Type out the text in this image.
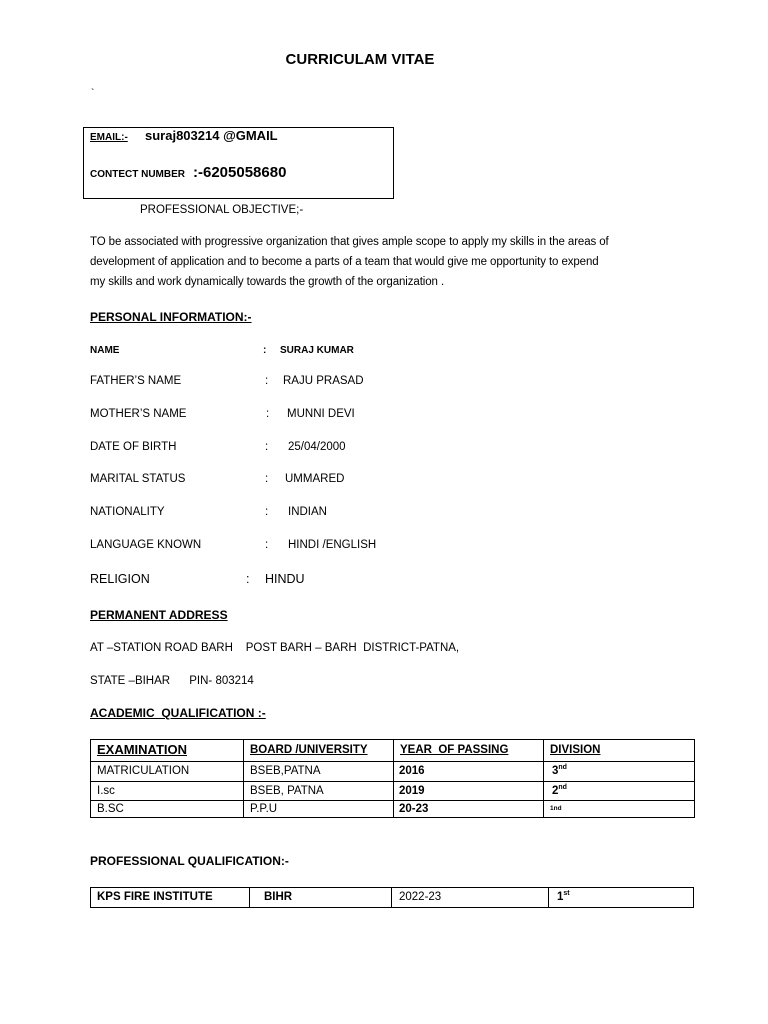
CURRICULAM VITAE
`
EMAIL:- suraj803214 @GMAIL
CONTECT NUMBER :-6205058680
PROFESSIONAL OBJECTIVE;-
TO be associated with progressive organization that gives ample scope to apply my skills in the areas of
development of application and to become a parts of a team that would give me opportunity to expend
my skills and work dynamically towards the growth of the organization .
PERSONAL INFORMATION:-
NAME	: SURAJ KUMAR
FATHER’S NAME	: RAJU PRASAD
MOTHER’S NAME	: MUNNI DEVI
DATE OF BIRTH	: 25/04/2000
MARITAL STATUS	: UMMARED
NATIONALITY	: INDIAN
LANGUAGE KNOWN	: HINDI /ENGLISH
RELIGION	: HINDU
PERMANENT ADDRESS
AT –STATION ROAD BARH    POST BARH – BARH  DISTRICT-PATNA,
STATE –BIHAR      PIN- 803214
ACADEMIC  QUALIFICATION :-
EXAMINATION	BOARD /UNIVERSITY	YEAR  OF PASSING	DIVISION
MATRICULATION	BSEB,PATNA	2016	3nd
I.sc	BSEB, PATNA	2019	2nd
B.SC	P.P.U	20-23	1nd
PROFESSIONAL QUALIFICATION:-
KPS FIRE INSTITUTE	BIHR	2022-23	1st
